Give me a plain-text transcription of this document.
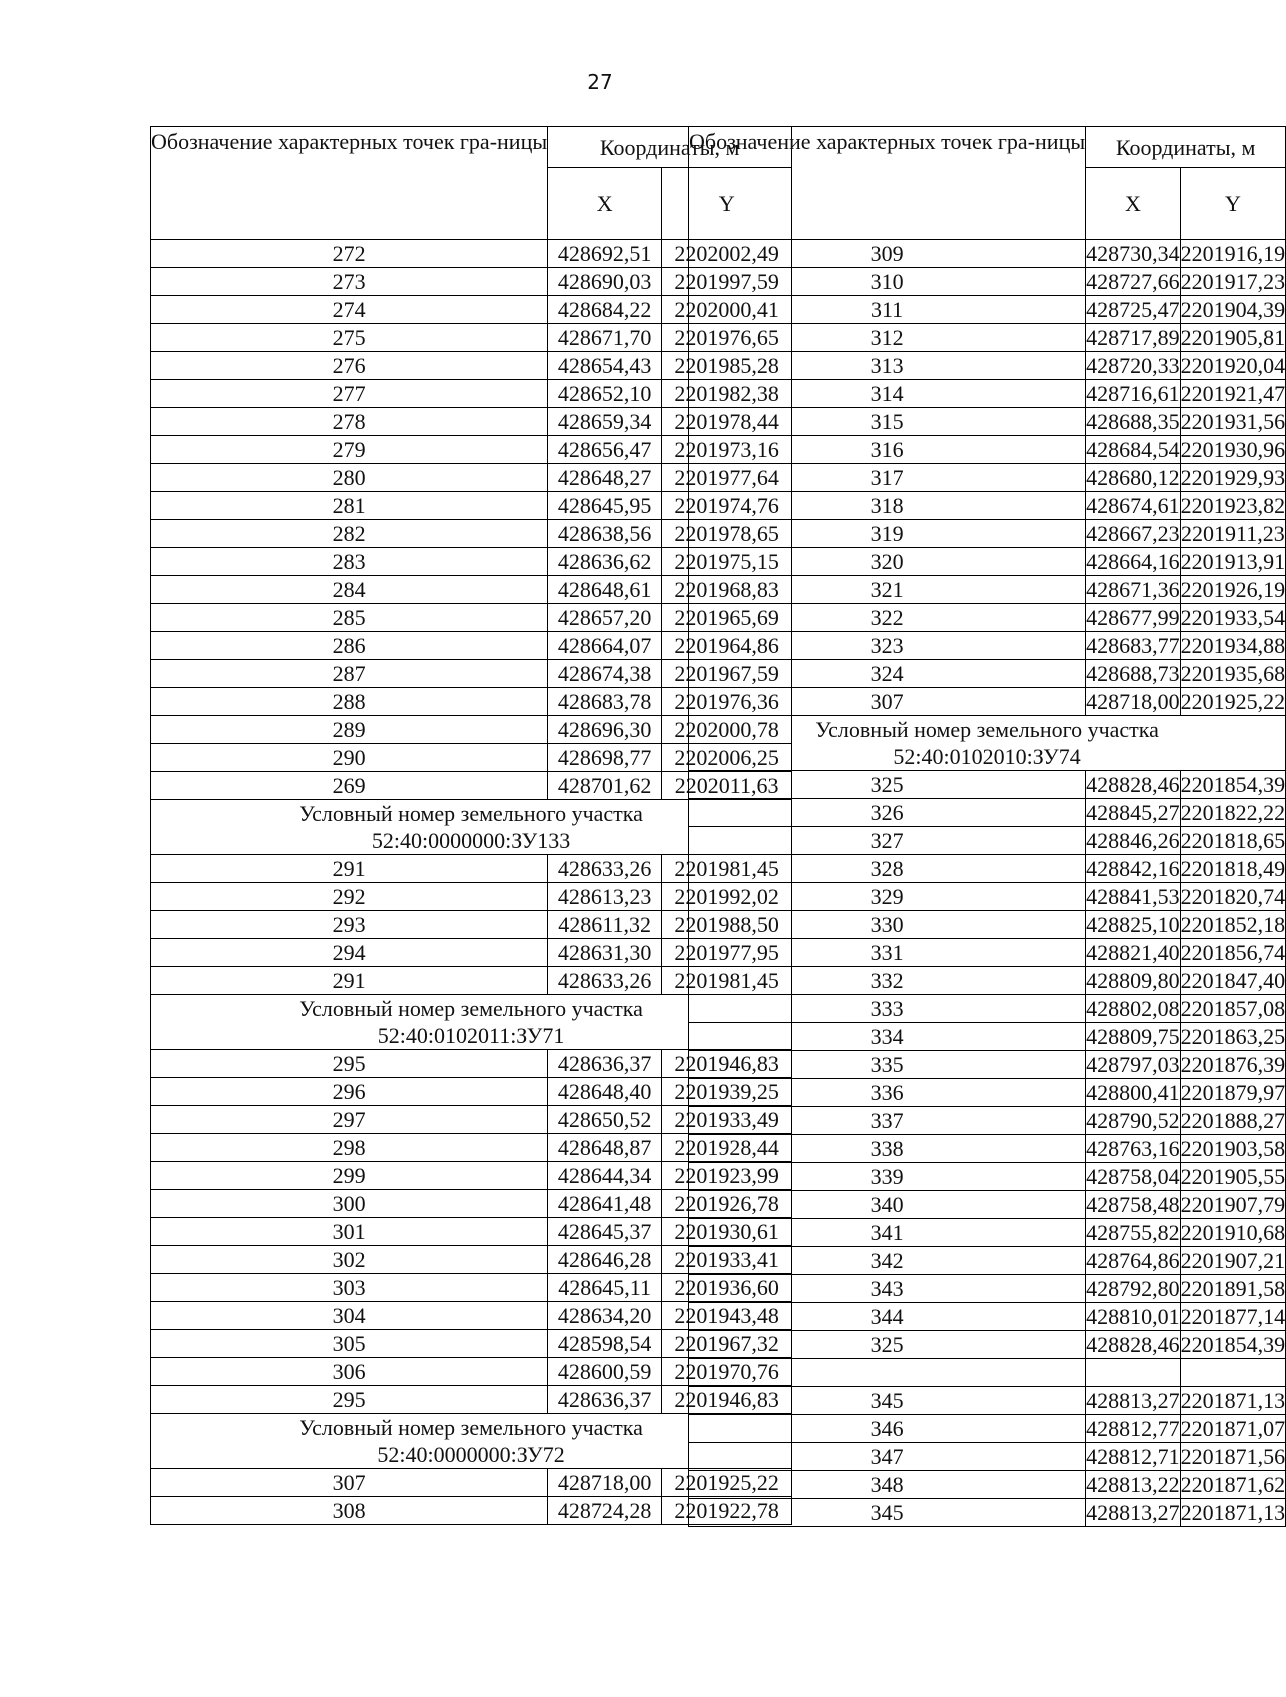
27
Обозначение характерных точек гра-ницы	Координаты, м	
	X	Y
272	428692,51	2202002,49
273	428690,03	2201997,59
274	428684,22	2202000,41
275	428671,70	2201976,65
276	428654,43	2201985,28
277	428652,10	2201982,38
278	428659,34	2201978,44
279	428656,47	2201973,16
280	428648,27	2201977,64
281	428645,95	2201974,76
282	428638,56	2201978,65
283	428636,62	2201975,15
284	428648,61	2201968,83
285	428657,20	2201965,69
286	428664,07	2201964,86
287	428674,38	2201967,59
288	428683,78	2201976,36
289	428696,30	2202000,78
290	428698,77	2202006,25
269	428701,62	2202011,63
Условный номер земельного участка
52:40:0000000:ЗУ133		
291	428633,26	2201981,45
292	428613,23	2201992,02
293	428611,32	2201988,50
294	428631,30	2201977,95
291	428633,26	2201981,45
Условный номер земельного участка
52:40:0102011:ЗУ71		
295	428636,37	2201946,83
296	428648,40	2201939,25
297	428650,52	2201933,49
298	428648,87	2201928,44
299	428644,34	2201923,99
300	428641,48	2201926,78
301	428645,37	2201930,61
302	428646,28	2201933,41
303	428645,11	2201936,60
304	428634,20	2201943,48
305	428598,54	2201967,32
306	428600,59	2201970,76
295	428636,37	2201946,83
Условный номер земельного участка
52:40:0000000:ЗУ72		
307	428718,00	2201925,22
308	428724,28	2201922,78
Обозначение характерных точек гра-ницы	Координаты, м	
	X	Y
309	428730,34	2201916,19
310	428727,66	2201917,23
311	428725,47	2201904,39
312	428717,89	2201905,81
313	428720,33	2201920,04
314	428716,61	2201921,47
315	428688,35	2201931,56
316	428684,54	2201930,96
317	428680,12	2201929,93
318	428674,61	2201923,82
319	428667,23	2201911,23
320	428664,16	2201913,91
321	428671,36	2201926,19
322	428677,99	2201933,54
323	428683,77	2201934,88
324	428688,73	2201935,68
307	428718,00	2201925,22
Условный номер земельного участка
52:40:0102010:ЗУ74		
325	428828,46	2201854,39
326	428845,27	2201822,22
327	428846,26	2201818,65
328	428842,16	2201818,49
329	428841,53	2201820,74
330	428825,10	2201852,18
331	428821,40	2201856,74
332	428809,80	2201847,40
333	428802,08	2201857,08
334	428809,75	2201863,25
335	428797,03	2201876,39
336	428800,41	2201879,97
337	428790,52	2201888,27
338	428763,16	2201903,58
339	428758,04	2201905,55
340	428758,48	2201907,79
341	428755,82	2201910,68
342	428764,86	2201907,21
343	428792,80	2201891,58
344	428810,01	2201877,14
325	428828,46	2201854,39

345	428813,27	2201871,13
346	428812,77	2201871,07
347	428812,71	2201871,56
348	428813,22	2201871,62
345	428813,27	2201871,13
